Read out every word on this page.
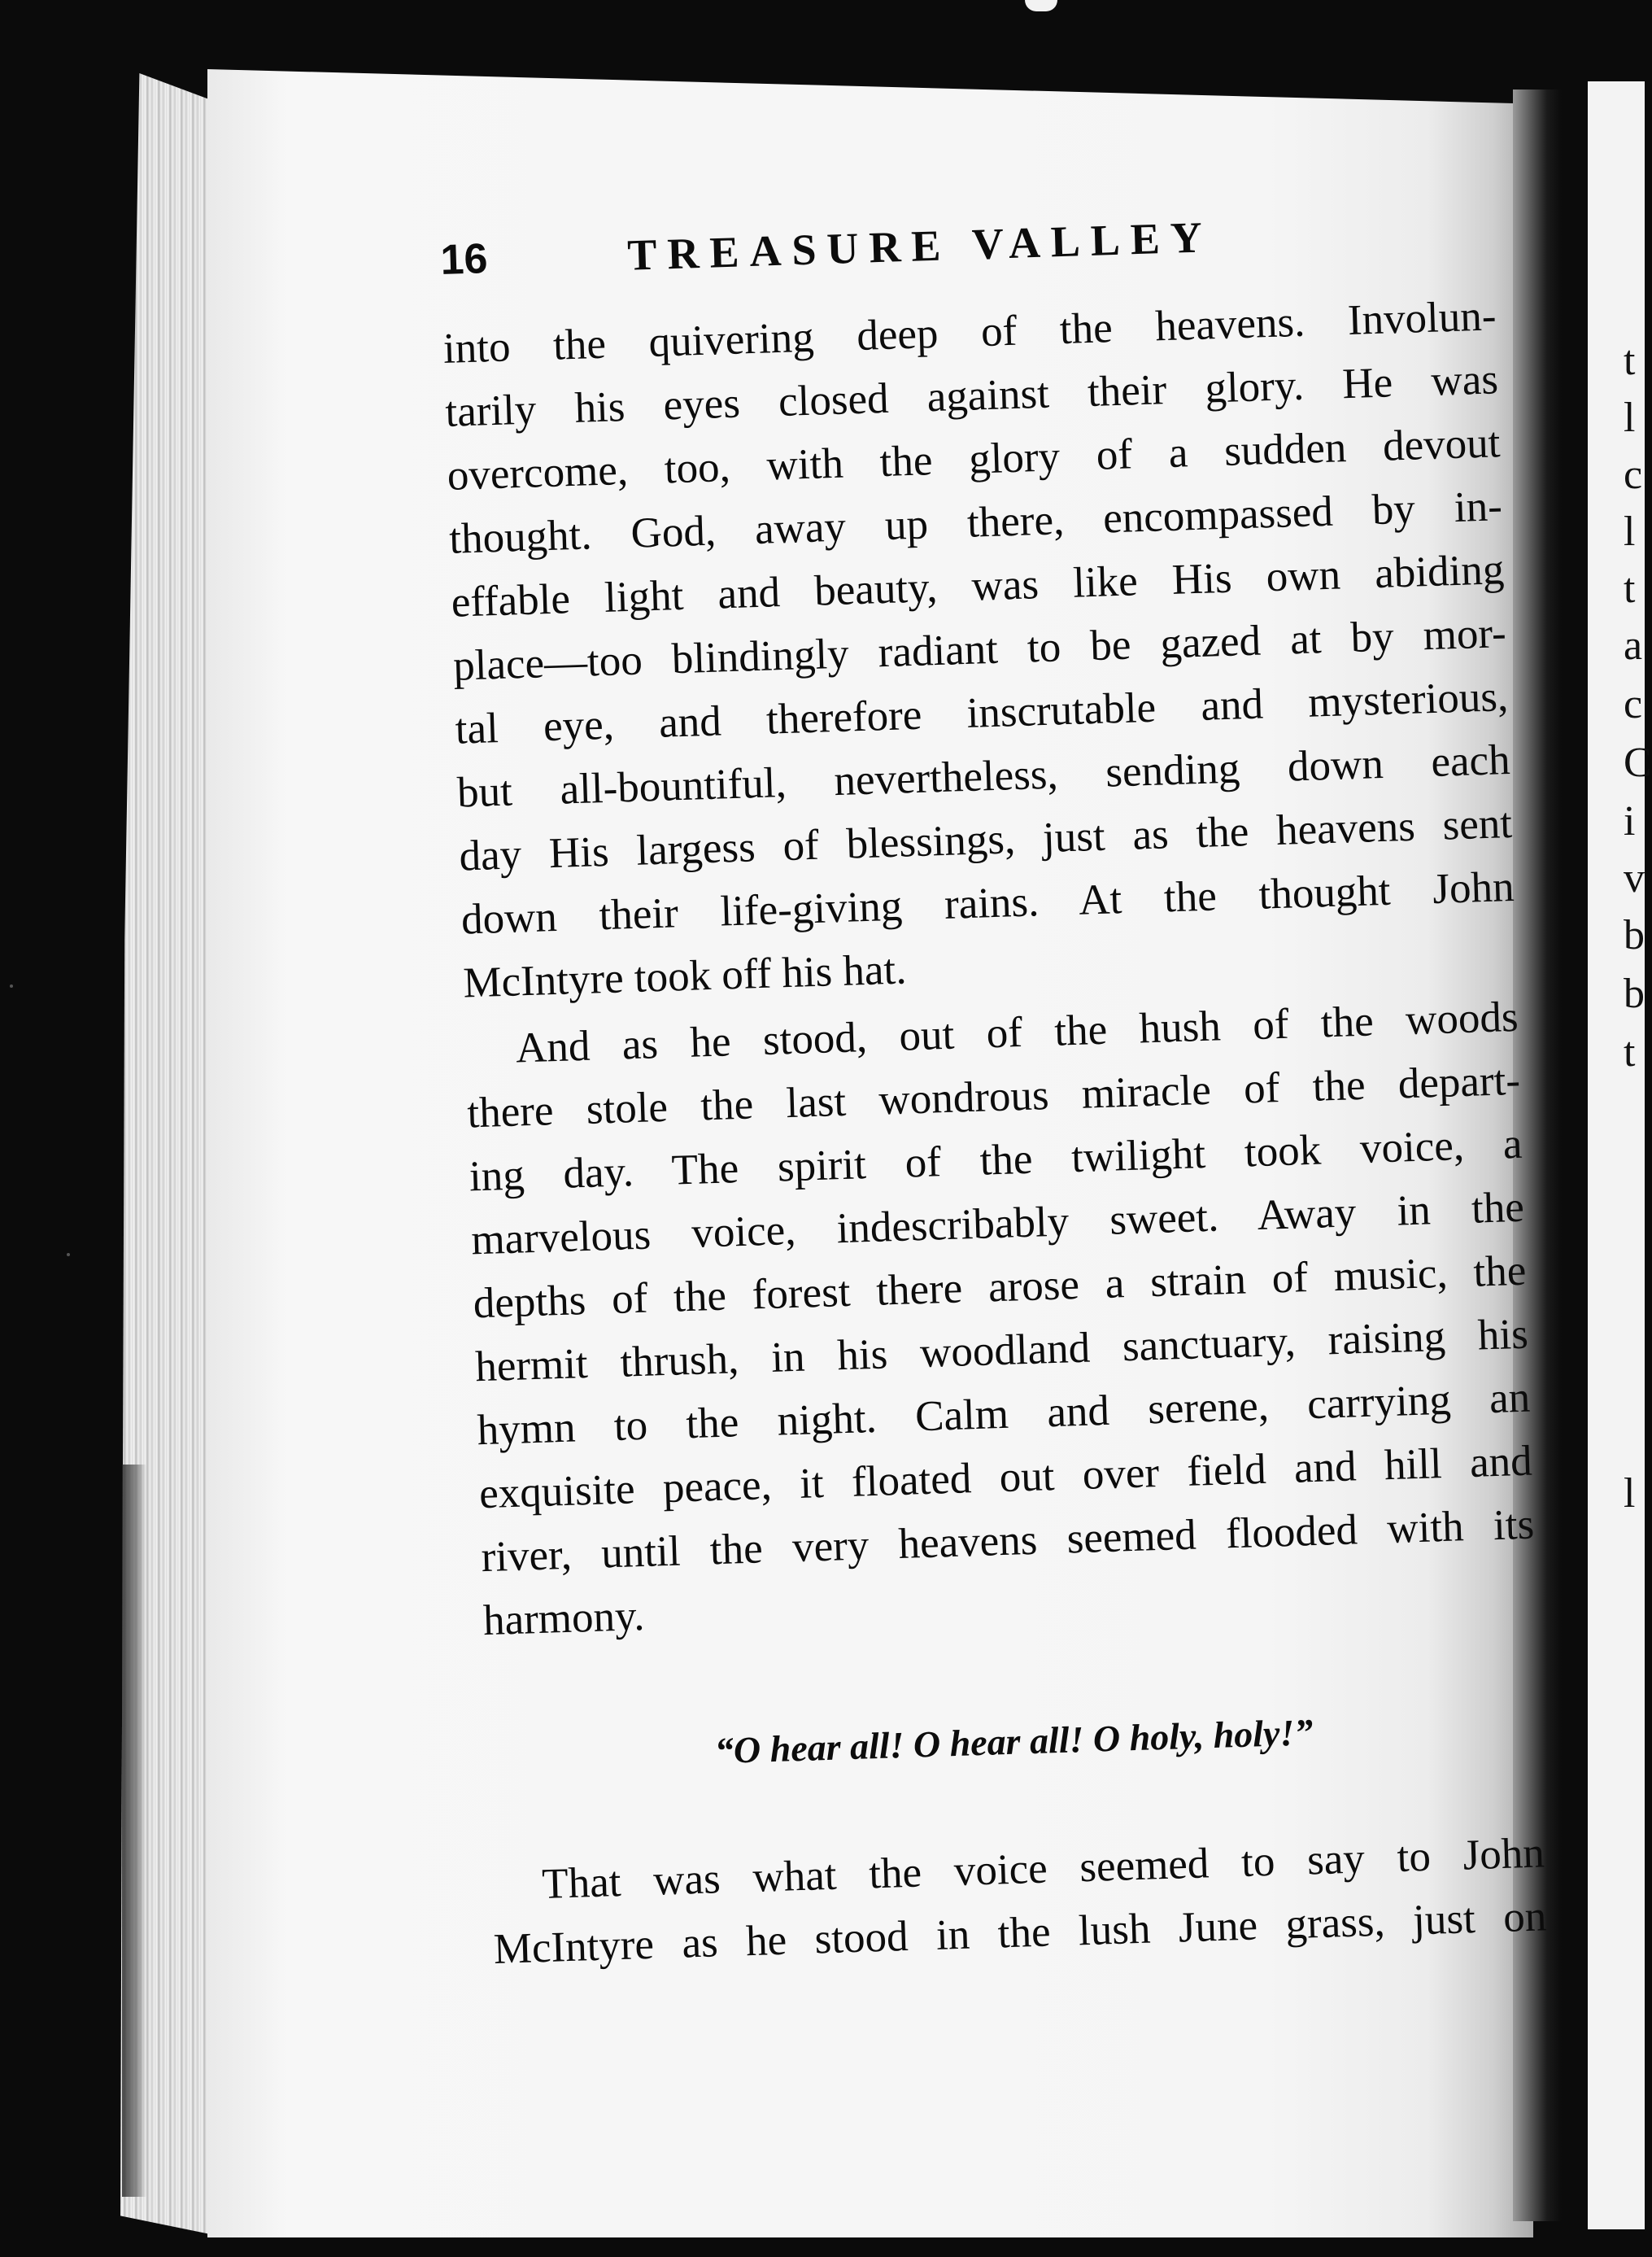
t
l
c
l
t
a
c
C
i
v
b
b
t
l
16	TREASURE VALLEY
into the quivering deep of the heavens. Involun-
tarily his eyes closed against their glory. He was
overcome, too, with the glory of a sudden devout
thought. God, away up there, encompassed by in-
effable light and beauty, was like His own abiding
place—too blindingly radiant to be gazed at by mor-
tal eye, and therefore inscrutable and mysterious,
but all-bountiful, nevertheless, sending down each
day His largess of blessings, just as the heavens sent
down their life-giving rains. At the thought John
McIntyre took off his hat.
And as he stood, out of the hush of the woods
there stole the last wondrous miracle of the depart-
ing day. The spirit of the twilight took voice, a
marvelous voice, indescribably sweet. Away in the
depths of the forest there arose a strain of music, the
hermit thrush, in his woodland sanctuary, raising his
hymn to the night. Calm and serene, carrying an
exquisite peace, it floated out over field and hill and
river, until the very heavens seemed flooded with its
harmony.
“O hear all! O hear all! O holy, holy!”
That was what the voice seemed to say to John
McIntyre as he stood in the lush June grass, just on
